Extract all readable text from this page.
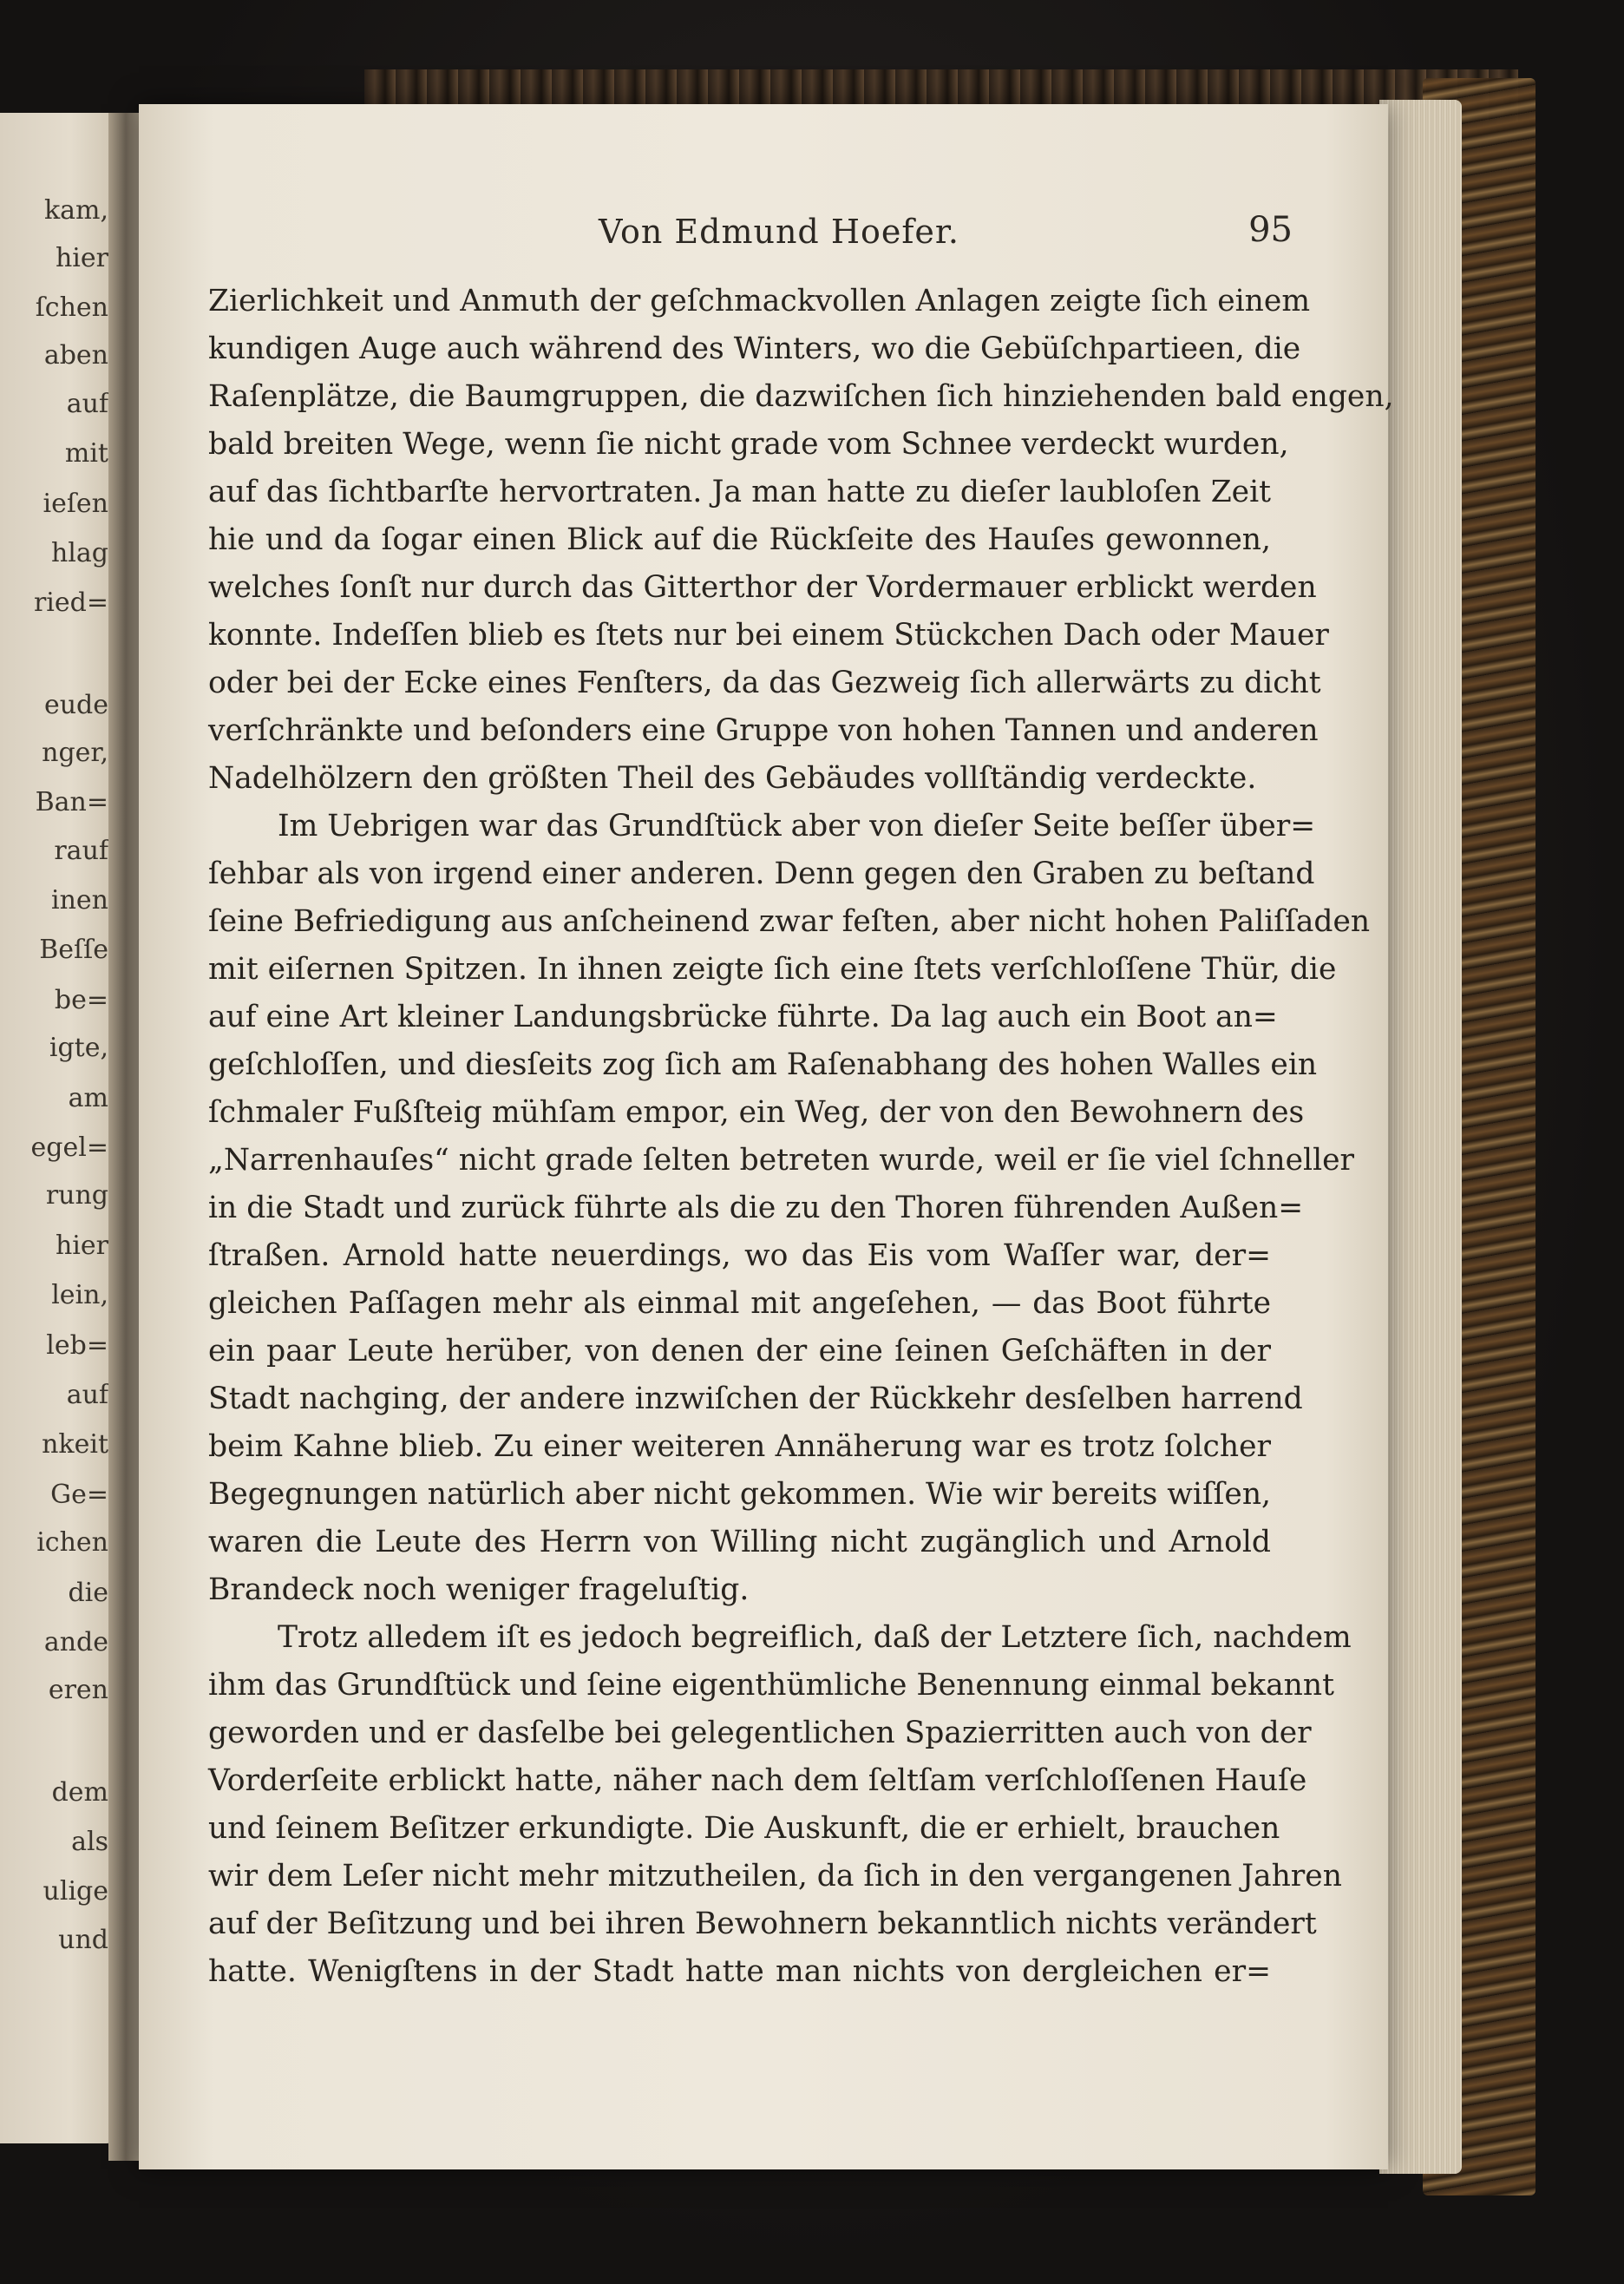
kam,
hier
ſchen
aben
auf
mit
ieſen
hlag
ried=
eude
nger,
Ban=
rauf
inen
Beſſe
be=
igte,
am
egel=
rung
hier
lein,
leb=
auf
nkeit
Ge=
ichen
die
ande
eren
dem
als
ulige
und
Von Edmund Hoefer.	95
Zierlichkeit und Anmuth der geſchmackvollen Anlagen zeigte ſich einem
kundigen Auge auch während des Winters, wo die Gebüſchpartieen, die
Raſenplätze, die Baumgruppen, die dazwiſchen ſich hinziehenden bald engen,
bald breiten Wege, wenn ſie nicht grade vom Schnee verdeckt wurden,
auf das ſichtbarſte hervortraten. Ja man hatte zu dieſer laubloſen Zeit
hie und da ſogar einen Blick auf die Rückſeite des Hauſes gewonnen,
welches ſonſt nur durch das Gitterthor der Vordermauer erblickt werden
konnte. Indeſſen blieb es ſtets nur bei einem Stückchen Dach oder Mauer
oder bei der Ecke eines Fenſters, da das Gezweig ſich allerwärts zu dicht
verſchränkte und beſonders eine Gruppe von hohen Tannen und anderen
Nadelhölzern den größten Theil des Gebäudes vollſtändig verdeckte.
Im Uebrigen war das Grundſtück aber von dieſer Seite beſſer über=
ſehbar als von irgend einer anderen. Denn gegen den Graben zu beſtand
ſeine Befriedigung aus anſcheinend zwar feſten, aber nicht hohen Paliſſaden
mit eiſernen Spitzen. In ihnen zeigte ſich eine ſtets verſchloſſene Thür, die
auf eine Art kleiner Landungsbrücke führte. Da lag auch ein Boot an=
geſchloſſen, und diesſeits zog ſich am Raſenabhang des hohen Walles ein
ſchmaler Fußſteig mühſam empor, ein Weg, der von den Bewohnern des
„Narrenhauſes“ nicht grade ſelten betreten wurde, weil er ſie viel ſchneller
in die Stadt und zurück führte als die zu den Thoren führenden Außen=
ſtraßen. Arnold hatte neuerdings, wo das Eis vom Waſſer war, der=
gleichen Paſſagen mehr als einmal mit angeſehen, — das Boot führte
ein paar Leute herüber, von denen der eine ſeinen Geſchäften in der
Stadt nachging, der andere inzwiſchen der Rückkehr desſelben harrend
beim Kahne blieb. Zu einer weiteren Annäherung war es trotz ſolcher
Begegnungen natürlich aber nicht gekommen. Wie wir bereits wiſſen,
waren die Leute des Herrn von Willing nicht zugänglich und Arnold
Brandeck noch weniger frageluſtig.
Trotz alledem iſt es jedoch begreiflich, daß der Letztere ſich, nachdem
ihm das Grundſtück und ſeine eigenthümliche Benennung einmal bekannt
geworden und er dasſelbe bei gelegentlichen Spazierritten auch von der
Vorderſeite erblickt hatte, näher nach dem ſeltſam verſchloſſenen Hauſe
und ſeinem Beſitzer erkundigte. Die Auskunft, die er erhielt, brauchen
wir dem Leſer nicht mehr mitzutheilen, da ſich in den vergangenen Jahren
auf der Beſitzung und bei ihren Bewohnern bekanntlich nichts verändert
hatte. Wenigſtens in der Stadt hatte man nichts von dergleichen er=
